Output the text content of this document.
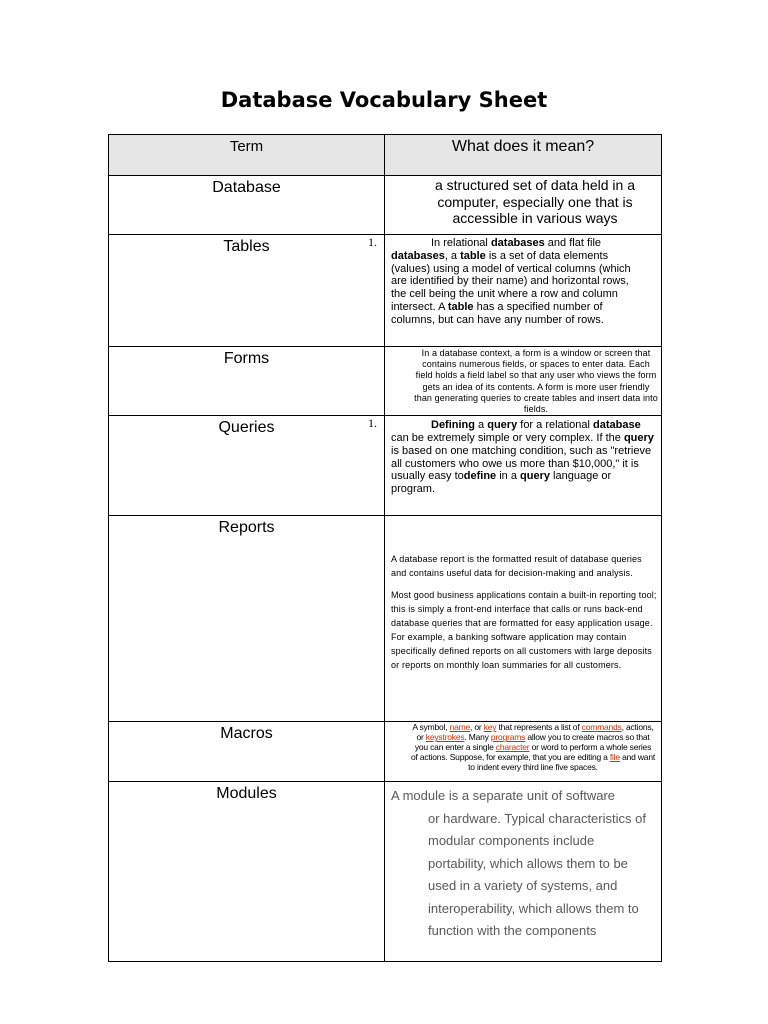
Database Vocabulary Sheet
Term	What does it mean?

Database	a structured set of data held in a computer, especially one that is accessible in various ways

Tables	1. In relational databases and flat file databases, a table is a set of data elements (values) using a model of vertical columns (which are identified by their name) and horizontal rows, the cell being the unit where a row and column intersect. A table has a specified number of columns, but can have any number of rows.

Forms	In a database context, a form is a window or screen that contains numerous fields, or spaces to enter data. Each field holds a field label so that any user who views the form gets an idea of its contents. A form is more user friendly than generating queries to create tables and insert data into fields.

Queries	1. Defining a query for a relational database can be extremely simple or very complex. If the query is based on one matching condition, such as "retrieve all customers who owe us more than $10,000," it is usually easy todefine in a query language or program.

Reports	A database report is the formatted result of database queries and contains useful data for decision-making and analysis.

Most good business applications contain a built-in reporting tool; this is simply a front-end interface that calls or runs back-end database queries that are formatted for easy application usage. For example, a banking software application may contain specifically defined reports on all customers with large deposits or reports on monthly loan summaries for all customers.

Macros	A symbol, name, or key that represents a list of commands, actions, or keystrokes. Many programs allow you to create macros so that you can enter a single character or word to perform a whole series of actions. Suppose, for example, that you are editing a file and want to indent every third line five spaces.

Modules	A module is a separate unit of software
or hardware. Typical characteristics of modular components include portability, which allows them to be used in a variety of systems, and interoperability, which allows them to function with the components
